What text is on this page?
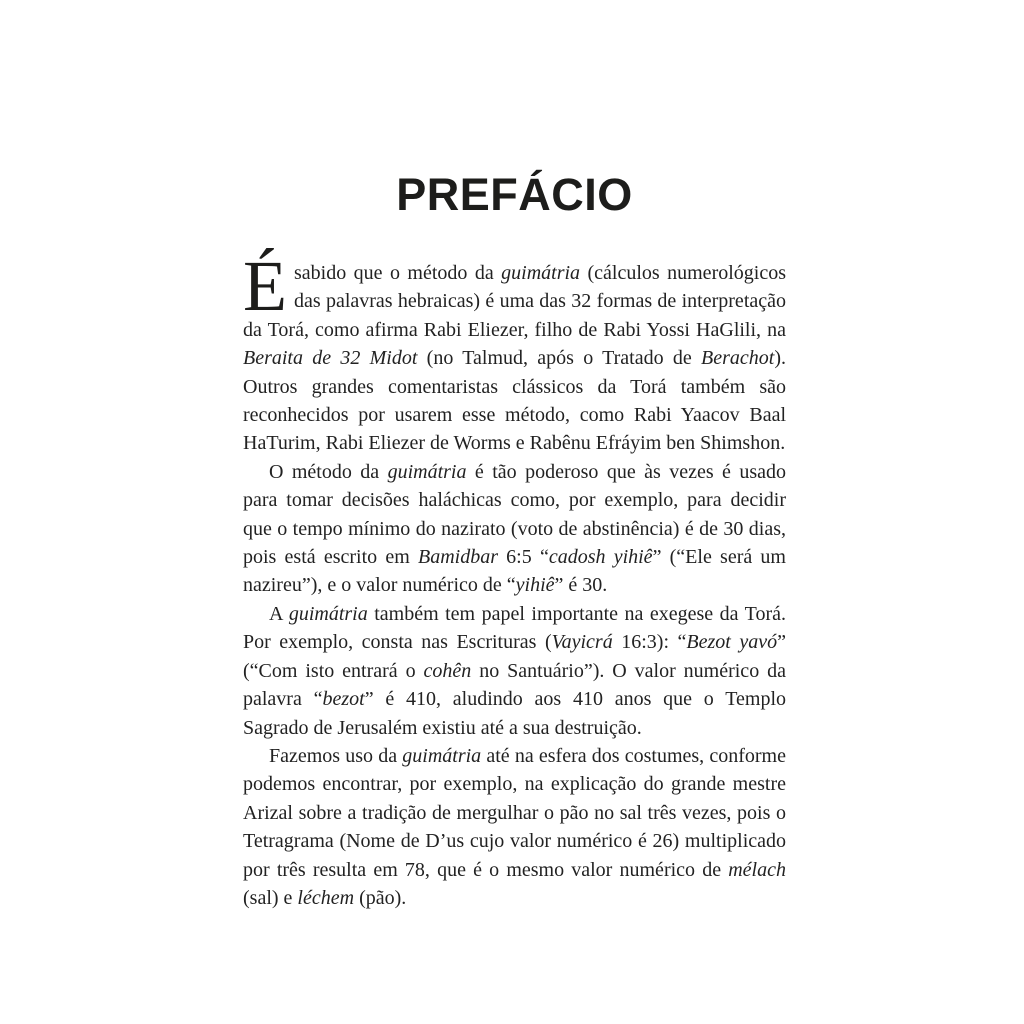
PREFÁCIO

Ésabido que o método da guimátria (cálculos numerológicos das palavras hebraicas) é uma das 32 formas de interpretação da Torá, como afirma Rabi Eliezer, filho de Rabi Yossi HaGlili, na Beraita de 32 Midot (no Talmud, após o Tratado de Berachot). Outros grandes comentaristas clássicos da Torá também são reconhecidos por usarem esse método, como Rabi Yaacov Baal HaTurim, Rabi Eliezer de Worms e Rabênu Efráyim ben Shimshon.

O método da guimátria é tão poderoso que às vezes é usado para tomar decisões haláchicas como, por exemplo, para decidir que o tempo mínimo do nazirato (voto de abstinência) é de 30 dias, pois está escrito em Bamidbar 6:5 “cadosh yihiê” (“Ele será um nazireu”), e o valor numérico de “yihiê” é 30.

A guimátria também tem papel importante na exegese da Torá. Por exemplo, consta nas Escrituras (Vayicrá 16:3): “Bezot yavó” (“Com isto entrará o cohên no Santuário”). O valor numérico da palavra “bezot” é 410, aludindo aos 410 anos que o Templo Sagrado de Jerusalém existiu até a sua destruição.

Fazemos uso da guimátria até na esfera dos costumes, conforme podemos encontrar, por exemplo, na explicação do grande mestre Arizal sobre a tradição de mergulhar o pão no sal três vezes, pois o Tetragrama (Nome de D’us cujo valor numérico é 26) multiplicado por três resulta em 78, que é o mesmo valor numérico de mélach (sal) e léchem (pão).
